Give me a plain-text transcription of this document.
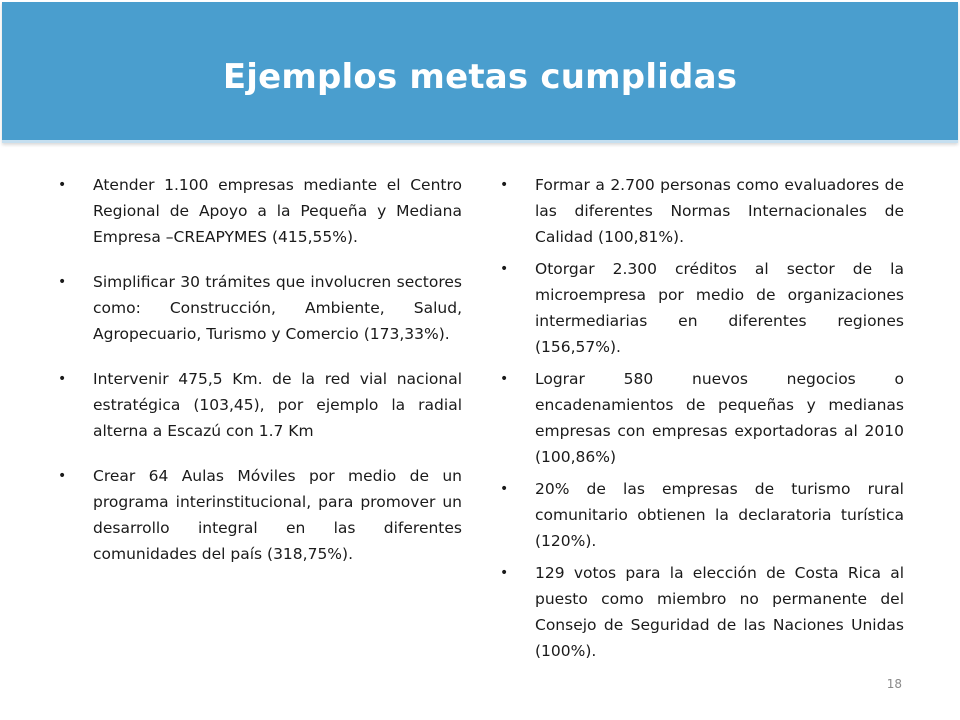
Ejemplos metas cumplidas
• Atender 1.100 empresas mediante el Centro Regional de Apoyo a la Pequeña y Mediana Empresa –CREAPYMES (415,55%).
• Simplificar 30 trámites que involucren sectores como: Construcción, Ambiente, Salud, Agropecuario, Turismo y Comercio (173,33%).
• Intervenir 475,5 Km. de la red vial nacional estratégica (103,45), por ejemplo la radial alterna a Escazú con 1.7 Km
• Crear 64 Aulas Móviles por medio de un programa interinstitucional, para promover un desarrollo integral en las diferentes comunidades del país (318,75%).
• Formar a 2.700 personas como evaluadores de las diferentes Normas Internacionales de Calidad (100,81%).
• Otorgar 2.300 créditos al sector de la microempresa por medio de organizaciones intermediarias en diferentes regiones (156,57%).
• Lograr 580 nuevos negocios o encadenamientos de pequeñas y medianas empresas con empresas exportadoras al 2010 (100,86%)
• 20% de las empresas de turismo rural comunitario obtienen la declaratoria turística (120%).
• 129 votos para la elección de Costa Rica al puesto como miembro no permanente del Consejo de Seguridad de las Naciones Unidas (100%).
18
